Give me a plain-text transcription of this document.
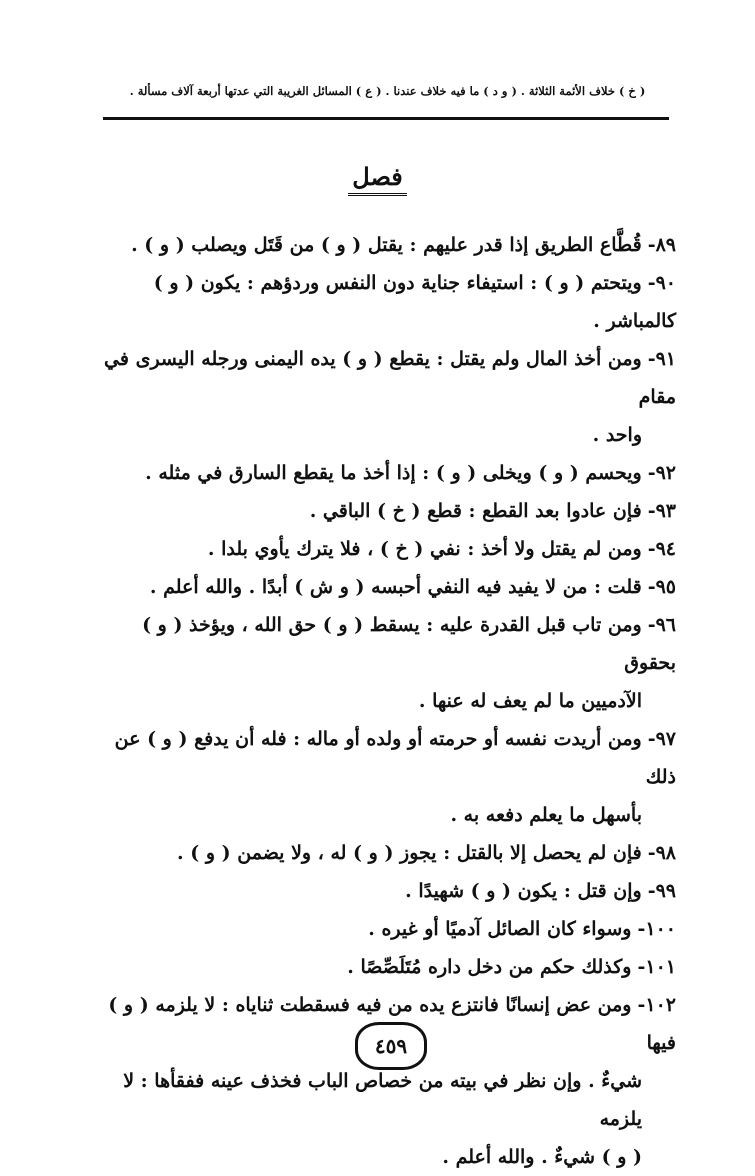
( خ ) خلاف الأئمة الثلاثة . ( و د ) ما فيه خلاف عندنا . ( ع ) المسائل الغريبة التي عدتها أربعة آلاف مسألة .
فصل
٨٩-قُطَّاع الطريق إذا قدر عليهم : يقتل ( و ) من قَتَل ويصلب ( و ) .
٩٠-ويتحتم ( و ) : استيفاء جناية دون النفس وردؤهم : يكون ( و ) كالمباشر .
٩١-ومن أخذ المال ولم يقتل : يقطع ( و ) يده اليمنى ورجله اليسرى في مقام
واحد .
٩٢-ويحسم ( و ) ويخلى ( و ) : إذا أخذ ما يقطع السارق في مثله .
٩٣-فإن عادوا بعد القطع : قطع ( خ ) الباقي .
٩٤-ومن لم يقتل ولا أخذ : نفي ( خ ) ، فلا يترك يأوي بلدا .
٩٥-قلت : من لا يفيد فيه النفي أحبسه ( و ش ) أبدًا . والله أعلم .
٩٦-ومن تاب قبل القدرة عليه : يسقط ( و ) حق الله ، ويؤخذ ( و ) بحقوق
الآدميين ما لم يعف له عنها .
٩٧-ومن أريدت نفسه أو حرمته أو ولده أو ماله : فله أن يدفع ( و ) عن ذلك
بأسهل ما يعلم دفعه به .
٩٨-فإن لم يحصل إلا بالقتل : يجوز ( و ) له ، ولا يضمن ( و ) .
٩٩-وإن قتل : يكون ( و ) شهيدًا .
١٠٠-وسواء كان الصائل آدميًا أو غيره .
١٠١-وكذلك حكم من دخل داره مُتَلَصِّصًا .
١٠٢-ومن عض إنسانًا فانتزع يده من فيه فسقطت ثناياه : لا يلزمه ( و ) فيها
شيءٌ . وإن نظر في بيته من خصاص الباب فخذف عينه ففقأها : لا يلزمه
( و ) شيءٌ . والله أعلم .
٤٥٩
